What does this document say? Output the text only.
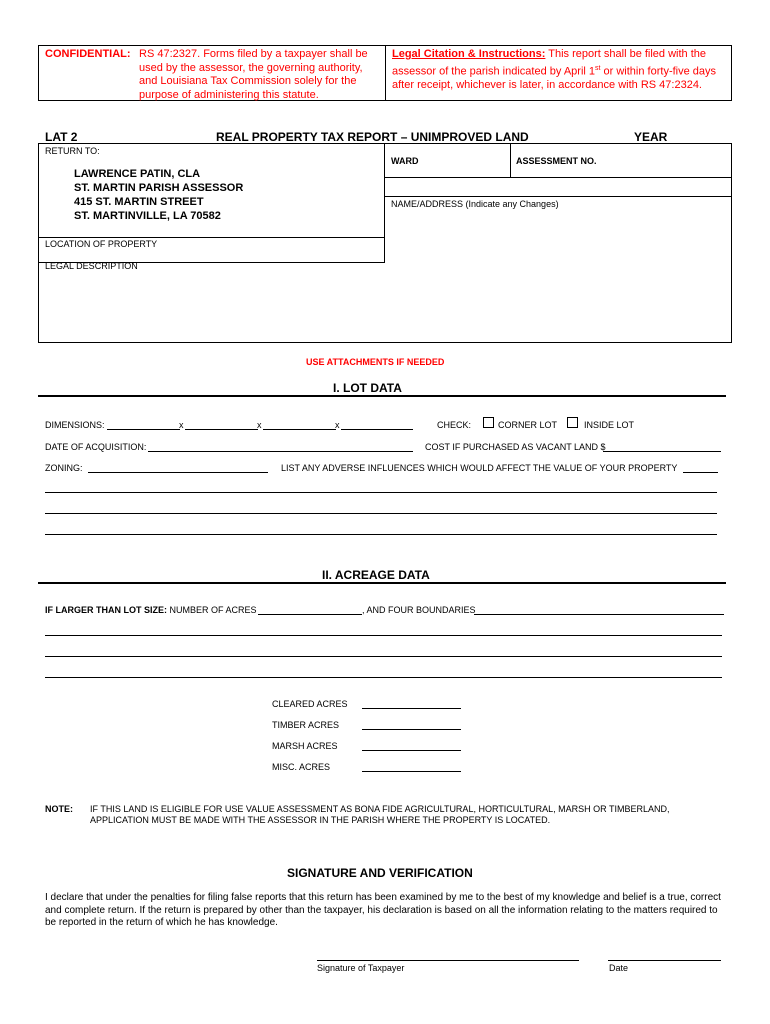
CONFIDENTIAL: RS 47:2327. Forms filed by a taxpayer shall be used by the assessor, the governing authority, and Louisiana Tax Commission solely for the purpose of administering this statute.
Legal Citation & Instructions: This report shall be filed with the assessor of the parish indicated by April 1st or within forty-five days after receipt, whichever is later, in accordance with RS 47:2324.
LAT 2	REAL PROPERTY TAX REPORT – UNIMPROVED LAND	YEAR
RETURN TO:
LAWRENCE PATIN, CLA
ST. MARTIN PARISH ASSESSOR
415 ST. MARTIN STREET
ST. MARTINVILLE, LA 70582
WARD	ASSESSMENT NO.
NAME/ADDRESS (Indicate any Changes)
LOCATION OF PROPERTY
LEGAL DESCRIPTION
USE ATTACHMENTS IF NEEDED
I. LOT DATA
DIMENSIONS:	x	x	x	CHECK:	CORNER LOT	INSIDE LOT
DATE OF ACQUISITION:	COST IF PURCHASED AS VACANT LAND $
ZONING:	LIST ANY ADVERSE INFLUENCES WHICH WOULD AFFECT THE VALUE OF YOUR PROPERTY
II. ACREAGE DATA
IF LARGER THAN LOT SIZE: NUMBER OF ACRES	, AND FOUR BOUNDARIES
CLEARED ACRES
TIMBER ACRES
MARSH ACRES
MISC. ACRES
NOTE: IF THIS LAND IS ELIGIBLE FOR USE VALUE ASSESSMENT AS BONA FIDE AGRICULTURAL, HORTICULTURAL, MARSH OR TIMBERLAND, APPLICATION MUST BE MADE WITH THE ASSESSOR IN THE PARISH WHERE THE PROPERTY IS LOCATED.
SIGNATURE AND VERIFICATION
I declare that under the penalties for filing false reports that this return has been examined by me to the best of my knowledge and belief is a true, correct and complete return. If the return is prepared by other than the taxpayer, his declaration is based on all the information relating to the matters required to be reported in the return of which he has knowledge.
Signature of Taxpayer	Date
